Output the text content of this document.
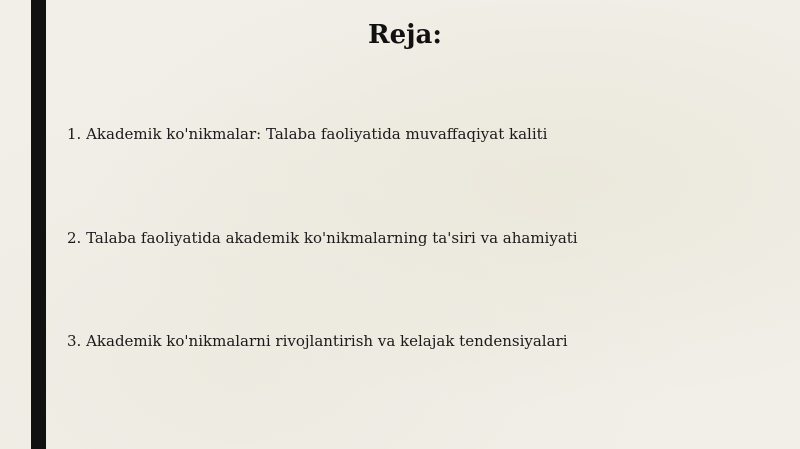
Reja:
1. Akademik ko'nikmalar: Talaba faoliyatida muvaffaqiyat kaliti
2. Talaba faoliyatida akademik ko'nikmalarning ta'siri va ahamiyati
3. Akademik ko'nikmalarni rivojlantirish va kelajak tendensiyalari
